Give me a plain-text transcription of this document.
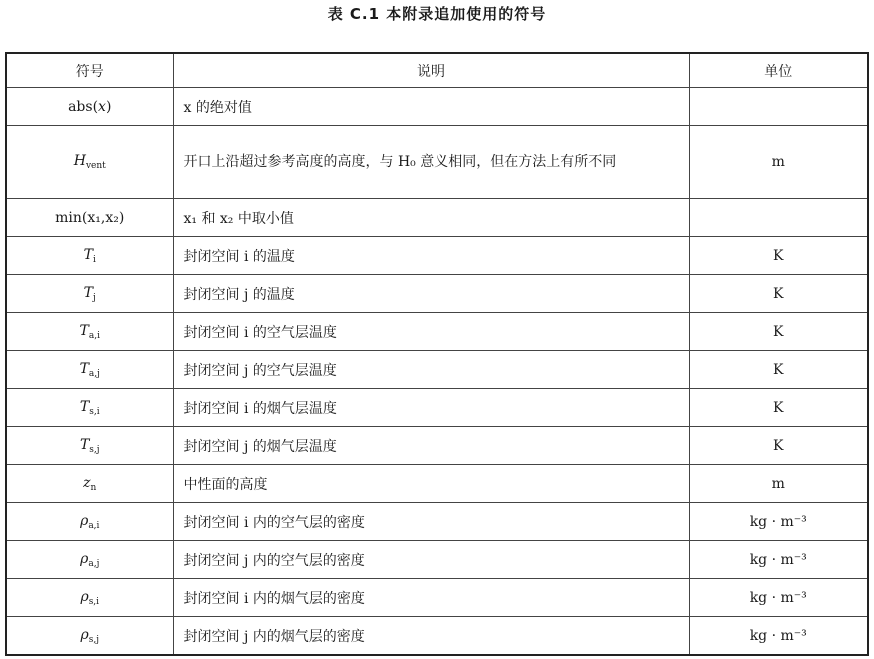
表 C.1 本附录追加使用的符号
符号	说明	单位
abs(x)	x 的绝对值	
$H_{vent}$	开口上沿超过参考高度的高度，与 H₀ 意义相同，但在方法上有所不同	m
min(x₁,x₂)	x₁ 和 x₂ 中取小值	
$T_i$	封闭空间 i 的温度	K
$T_j$	封闭空间 j 的温度	K
$T_{a,i}$	封闭空间 i 的空气层温度	K
$T_{a,j}$	封闭空间 j 的空气层温度	K
$T_{s,i}$	封闭空间 i 的烟气层温度	K
$T_{s,j}$	封闭空间 j 的烟气层温度	K
$z_n$	中性面的高度	m
$\rho_{a,i}$	封闭空间 i 内的空气层的密度	kg · m⁻³
$\rho_{a,j}$	封闭空间 j 内的空气层的密度	kg · m⁻³
$\rho_{s,i}$	封闭空间 i 内的烟气层的密度	kg · m⁻³
$\rho_{s,j}$	封闭空间 j 内的烟气层的密度	kg · m⁻³
